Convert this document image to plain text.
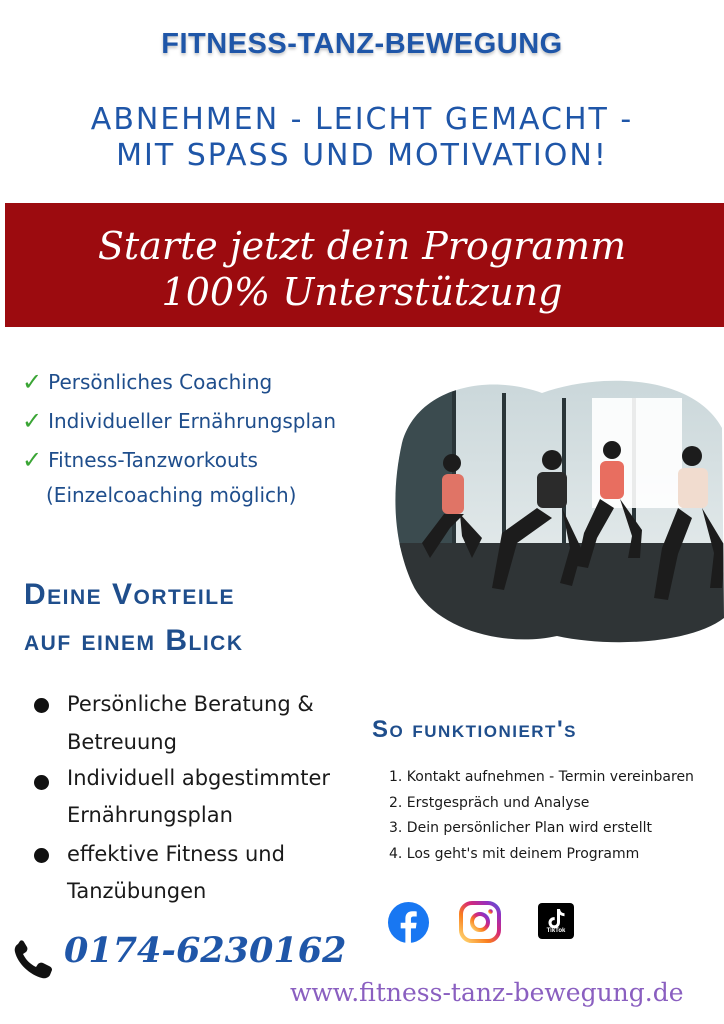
FITNESS-TANZ-BEWEGUNG
ABNEHMEN - LEICHT GEMACHT -
MIT SPASS UND MOTIVATION!
Starte jetzt dein Programm
100% Unterstützung
✓ Persönliches Coaching
✓ Individueller Ernährungsplan
✓ Fitness-Tanzworkouts
(Einzelcoaching möglich)
Deine Vorteile
auf einem Blick
Persönliche Beratung &
Betreuung
Individuell abgestimmter
Ernährungsplan
effektive Fitness und
Tanzübungen
So funktioniert's
1. Kontakt aufnehmen - Termin vereinbaren
2. Erstgespräch und Analyse
3. Dein persönlicher Plan wird erstellt
4. Los geht's mit deinem Programm
0174-6230162	TikTok
www.fitness-tanz-bewegung.de
